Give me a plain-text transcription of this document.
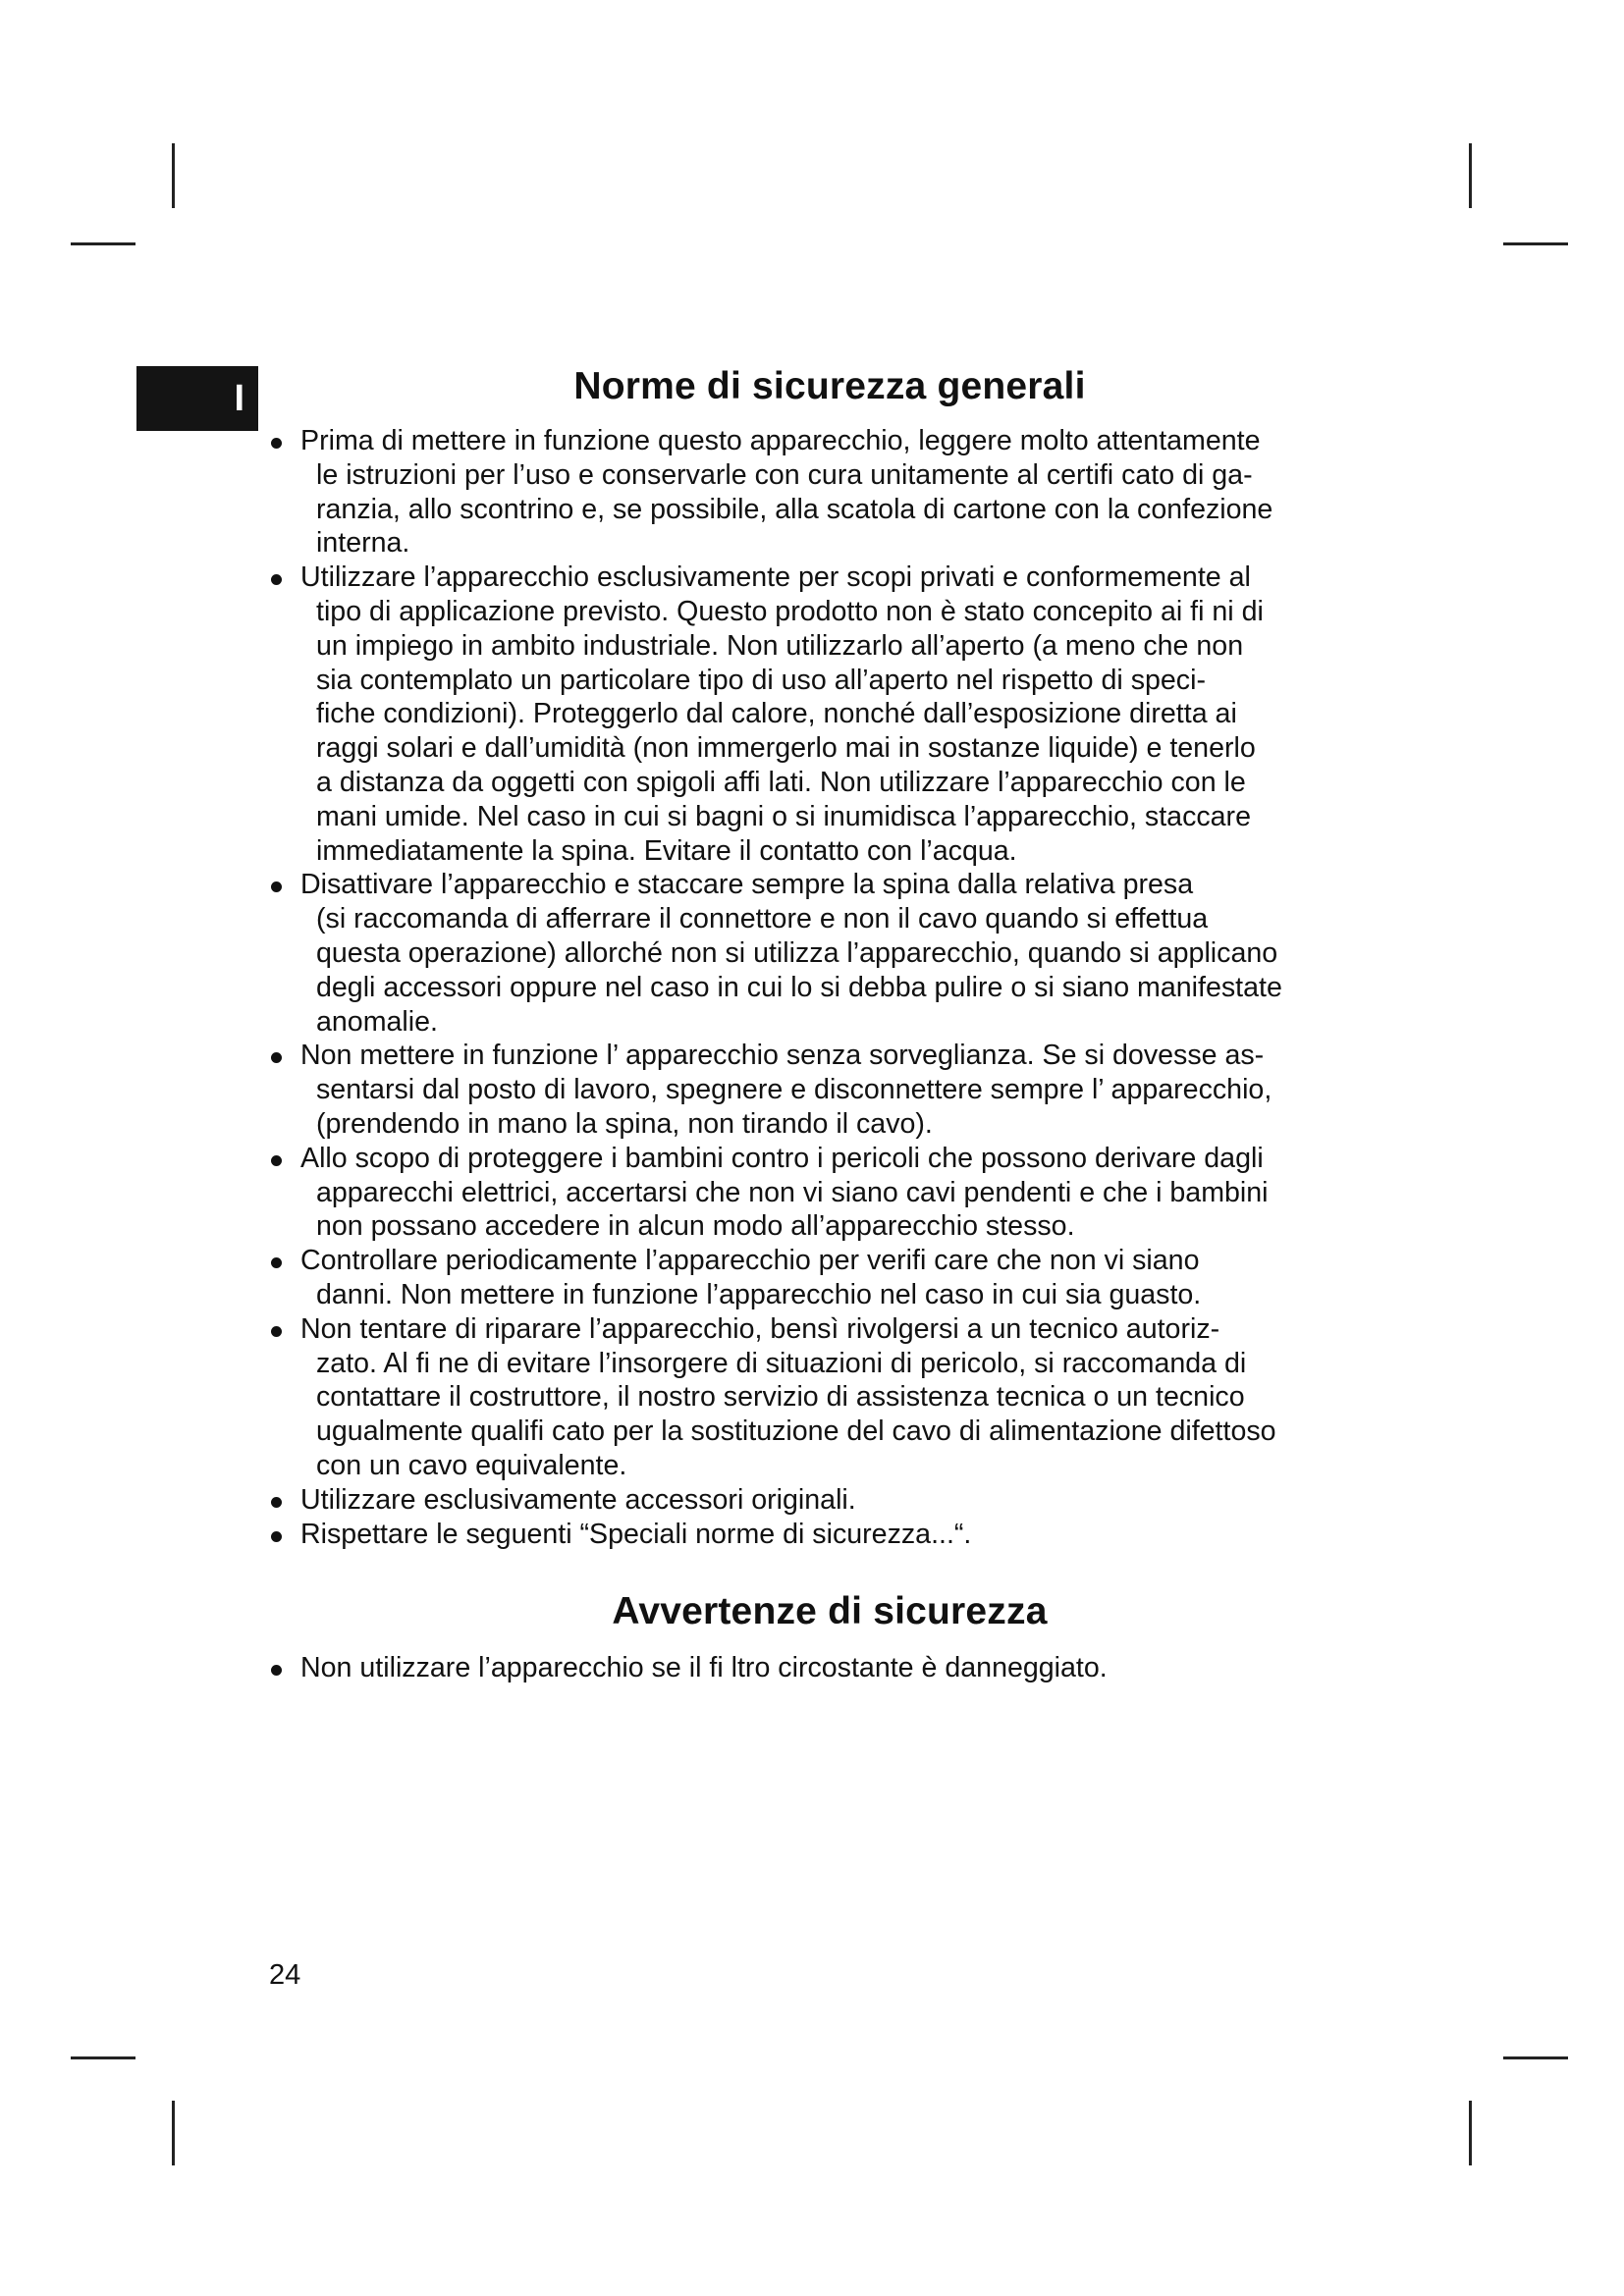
I	Norme di sicurezza generali
Prima di mettere in funzione questo apparecchio, leggere molto attentamente
le istruzioni per l’uso e conservarle con cura unitamente al certifi cato di ga-
ranzia, allo scontrino e, se possibile, alla scatola di cartone con la confezione
interna.
Utilizzare l’apparecchio esclusivamente per scopi privati e conformemente al
tipo di applicazione previsto. Questo prodotto non è stato concepito ai fi ni di
un impiego in ambito industriale. Non utilizzarlo all’aperto (a meno che non
sia contemplato un particolare tipo di uso all’aperto nel rispetto di speci-
fiche condizioni). Proteggerlo dal calore, nonché dall’esposizione diretta ai
raggi solari e dall’umidità (non immergerlo mai in sostanze liquide) e tenerlo
a distanza da oggetti con spigoli affi lati. Non utilizzare l’apparecchio con le
mani umide. Nel caso in cui si bagni o si inumidisca l’apparecchio, staccare
immediatamente la spina. Evitare il contatto con l’acqua.
Disattivare l’apparecchio e staccare sempre la spina dalla relativa presa
(si raccomanda di afferrare il connettore e non il cavo quando si effettua
questa operazione) allorché non si utilizza l’apparecchio, quando si applicano
degli accessori oppure nel caso in cui lo si debba pulire o si siano manifestate
anomalie.
Non mettere in funzione l’ apparecchio senza sorveglianza. Se si dovesse as-
sentarsi dal posto di lavoro, spegnere e disconnettere sempre l’ apparecchio,
(prendendo in mano la spina, non tirando il cavo).
Allo scopo di proteggere i bambini contro i pericoli che possono derivare dagli
apparecchi elettrici, accertarsi che non vi siano cavi pendenti e che i bambini
non possano accedere in alcun modo all’apparecchio stesso.
Controllare periodicamente l’apparecchio per verifi care che non vi siano
danni. Non mettere in funzione l’apparecchio nel caso in cui sia guasto.
Non tentare di riparare l’apparecchio, bensì rivolgersi a un tecnico autoriz-
zato. Al fi ne di evitare l’insorgere di situazioni di pericolo, si raccomanda di
contattare il costruttore, il nostro servizio di assistenza tecnica o un tecnico
ugualmente qualifi cato per la sostituzione del cavo di alimentazione difettoso
con un cavo equivalente.
Utilizzare esclusivamente accessori originali.
Rispettare le seguenti “Speciali norme di sicurezza...“.
Avvertenze di sicurezza
Non utilizzare l’apparecchio se il fi ltro circostante è danneggiato.
24
